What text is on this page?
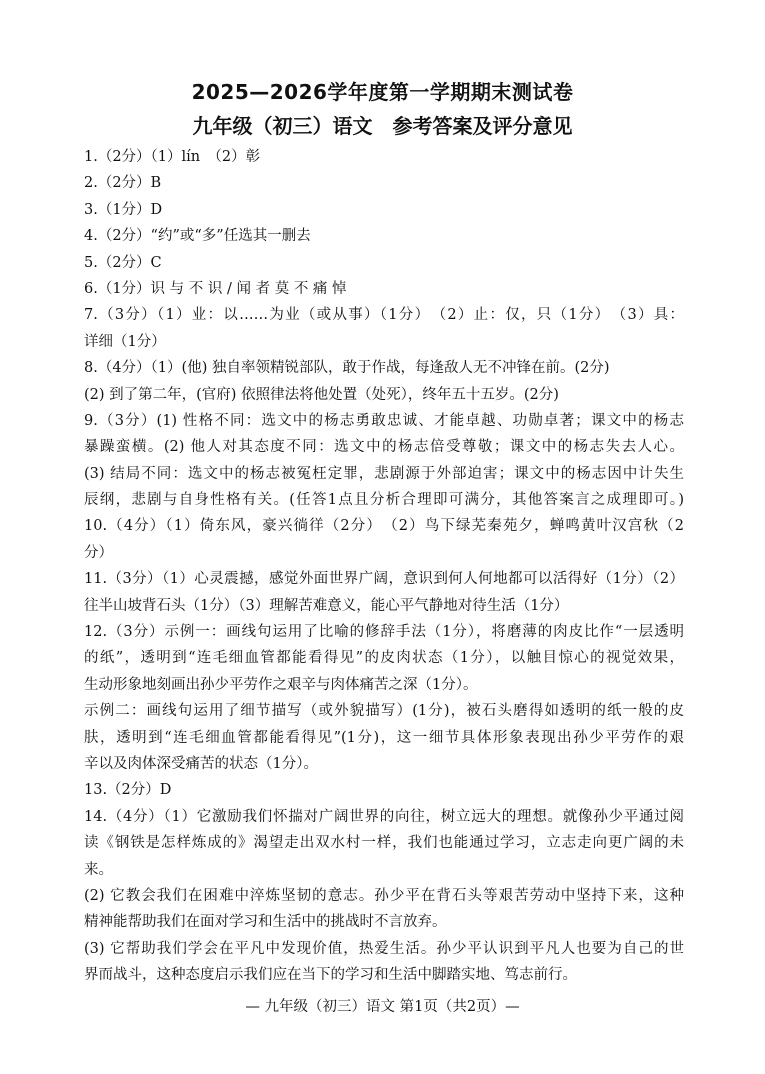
2025—2026学年度第一学期期末测试卷
九年级（初三）语文　参考答案及评分意见
1.（2分）（1）lín　（2）彰
2.（2分）B
3.（1分）D
4.（2分）“约”或“多”任选其一删去
5.（2分）C
6.（1分）识 与 不 识 / 闻 者 莫 不 痛 悼
7.（3分）（1）业：以……为业（或从事）（1分）　（2）止：仅，只（1分）　（3）具：
详细（1分）
8.（4分）（1）(他) 独自率领精锐部队，敢于作战，每逢敌人无不冲锋在前。(2分)
(2) 到了第二年，(官府) 依照律法将他处置（处死），终年五十五岁。(2分)
9.（3分）(1) 性格不同：选文中的杨志勇敢忠诚、才能卓越、功勋卓著；课文中的杨志
暴躁蛮横。(2) 他人对其态度不同：选文中的杨志倍受尊敬；课文中的杨志失去人心。
(3) 结局不同：选文中的杨志被冤枉定罪，悲剧源于外部迫害；课文中的杨志因中计失生
辰纲，悲剧与自身性格有关。(任答1点且分析合理即可满分，其他答案言之成理即可。)
10.（4分）（1）倚东风，豪兴徜徉（2分）　（2）鸟下绿芜秦苑夕，蝉鸣黄叶汉宫秋（2
分）
11.（3分）（1）心灵震撼，感觉外面世界广阔，意识到何人何地都可以活得好（1分）（2）
往半山坡背石头（1分）（3）理解苦难意义，能心平气静地对待生活（1分）
12.（3分）示例一：画线句运用了比喻的修辞手法（1分），将磨薄的肉皮比作“一层透明
的纸”，透明到“连毛细血管都能看得见”的皮肉状态（1分），以触目惊心的视觉效果，
生动形象地刻画出孙少平劳作之艰辛与肉体痛苦之深（1分）。
示例二：画线句运用了细节描写（或外貌描写）(1分)，被石头磨得如透明的纸一般的皮
肤，透明到“连毛细血管都能看得见”(1分)，这一细节具体形象表现出孙少平劳作的艰
辛以及肉体深受痛苦的状态（1分）。
13.（2分）D
14.（4分）（1）它激励我们怀揣对广阔世界的向往，树立远大的理想。就像孙少平通过阅
读《钢铁是怎样炼成的》渴望走出双水村一样，我们也能通过学习，立志走向更广阔的未
来。
(2) 它教会我们在困难中淬炼坚韧的意志。孙少平在背石头等艰苦劳动中坚持下来，这种
精神能帮助我们在面对学习和生活中的挑战时不言放弃。
(3) 它帮助我们学会在平凡中发现价值，热爱生活。孙少平认识到平凡人也要为自己的世
界而战斗，这种态度启示我们应在当下的学习和生活中脚踏实地、笃志前行。
— 九年级（初三）语文 第1页（共2页）—
